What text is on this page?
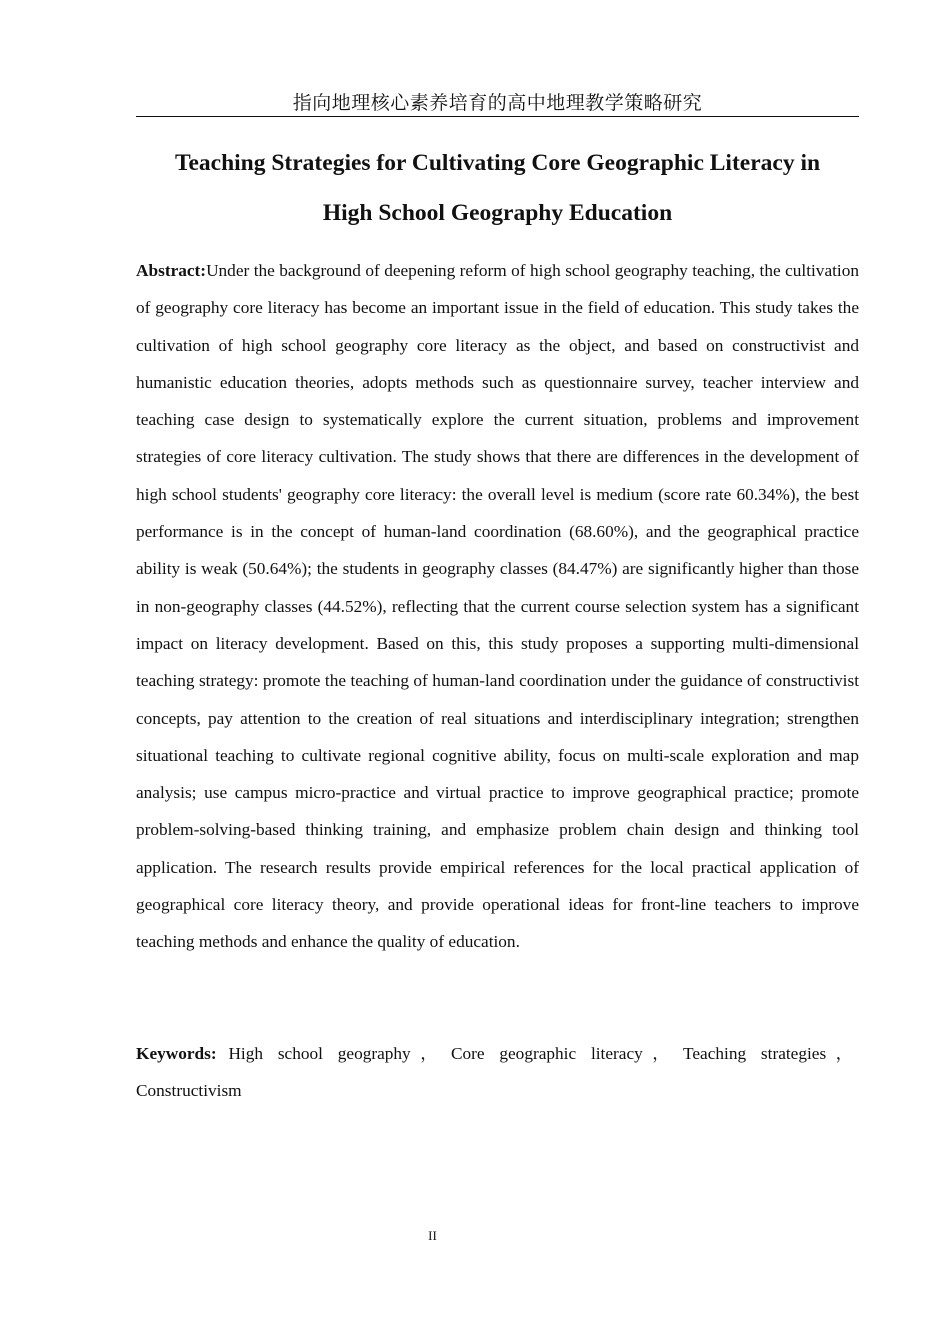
指向地理核心素养培育的高中地理教学策略研究
Teaching Strategies for Cultivating Core Geographic Literacy in
High School Geography Education

Abstract:Under the background of deepening reform of high school geography teaching, the cultivation of geography core literacy has become an important issue in the field of education. This study takes the cultivation of high school geography core literacy as the object, and based on constructivist and humanistic education theories, adopts methods such as questionnaire survey, teacher interview and teaching case design to systematically explore the current situation, problems and improvement strategies of core literacy cultivation. The study shows that there are differences in the development of high school students' geography core literacy: the overall level is medium (score rate 60.34%), the best performance is in the concept of human-land coordination (68.60%), and the geographical practice ability is weak (50.64%); the students in geography classes (84.47%) are significantly higher than those in non-geography classes (44.52%), reflecting that the current course selection system has a significant impact on literacy development. Based on this, this study proposes a supporting multi-dimensional teaching strategy: promote the teaching of human-land coordination under the guidance of constructivist concepts, pay attention to the creation of real situations and interdisciplinary integration; strengthen situational teaching to cultivate regional cognitive ability, focus on multi-scale exploration and map analysis; use campus micro-practice and virtual practice to improve geographical practice; promote problem-solving-based thinking training, and emphasize problem chain design and thinking tool application. The research results provide empirical references for the local practical application of geographical core literacy theory, and provide operational ideas for front-line teachers to improve teaching methods and enhance the quality of education.

Keywords: High school geography ， Core geographic literacy ， Teaching strategies ，Constructivism

II
